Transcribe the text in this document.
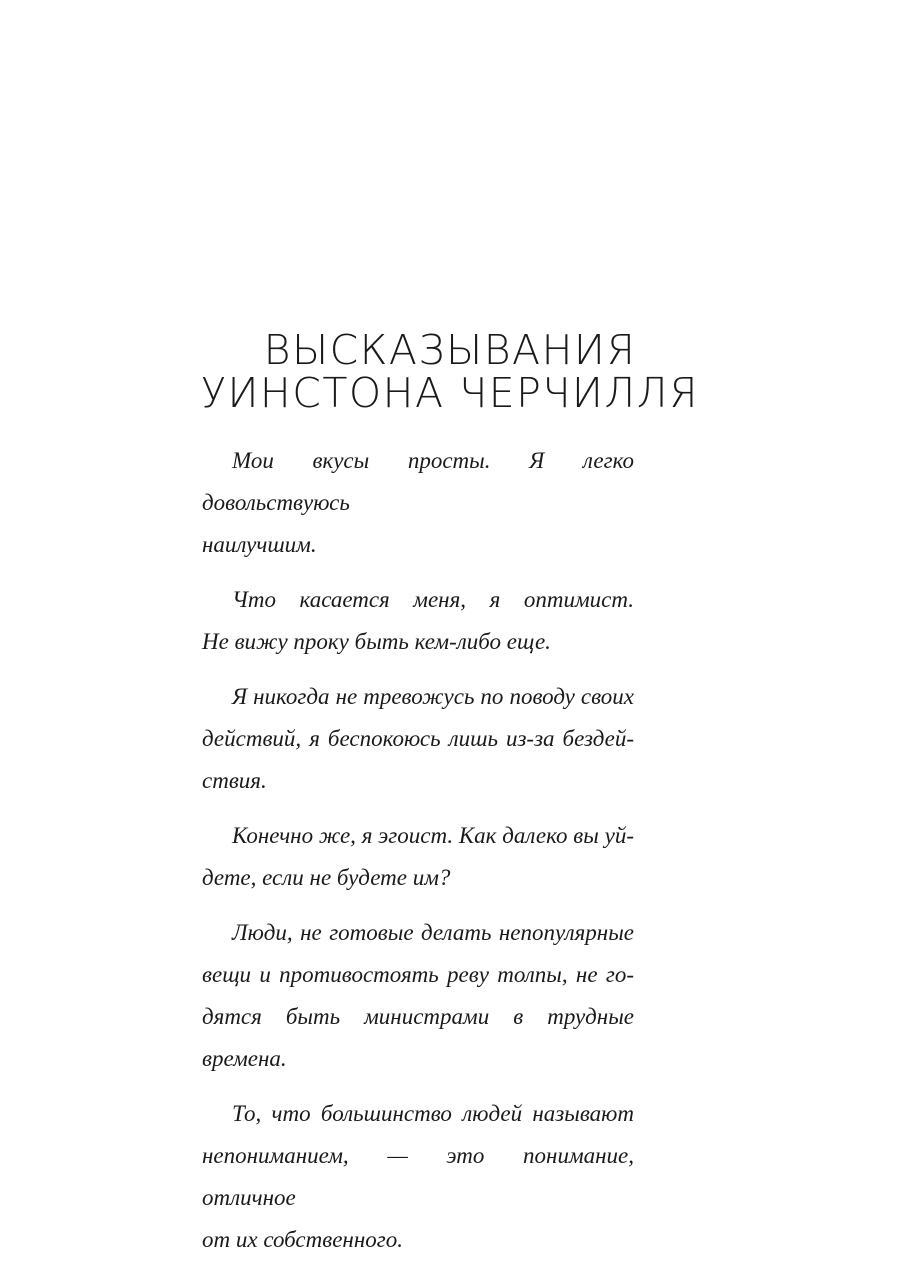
ВЫСКАЗЫВАНИЯ
УИНСТОНА ЧЕРЧИЛЛЯ

Мои вкусы просты. Я легко довольствуюсь
наилучшим.

Что касается меня, я оптимист.
Не вижу проку быть кем-либо еще.

Я никогда не тревожусь по поводу своих
действий, я беспокоюсь лишь из-за бездей-
ствия.

Конечно же, я эгоист. Как далеко вы уй-
дете, если не будете им?

Люди, не готовые делать непопулярные
вещи и противостоять реву толпы, не го-
дятся быть министрами в трудные времена.

То, что большинство людей называют
непониманием, — это понимание, отличное
от их собственного.
